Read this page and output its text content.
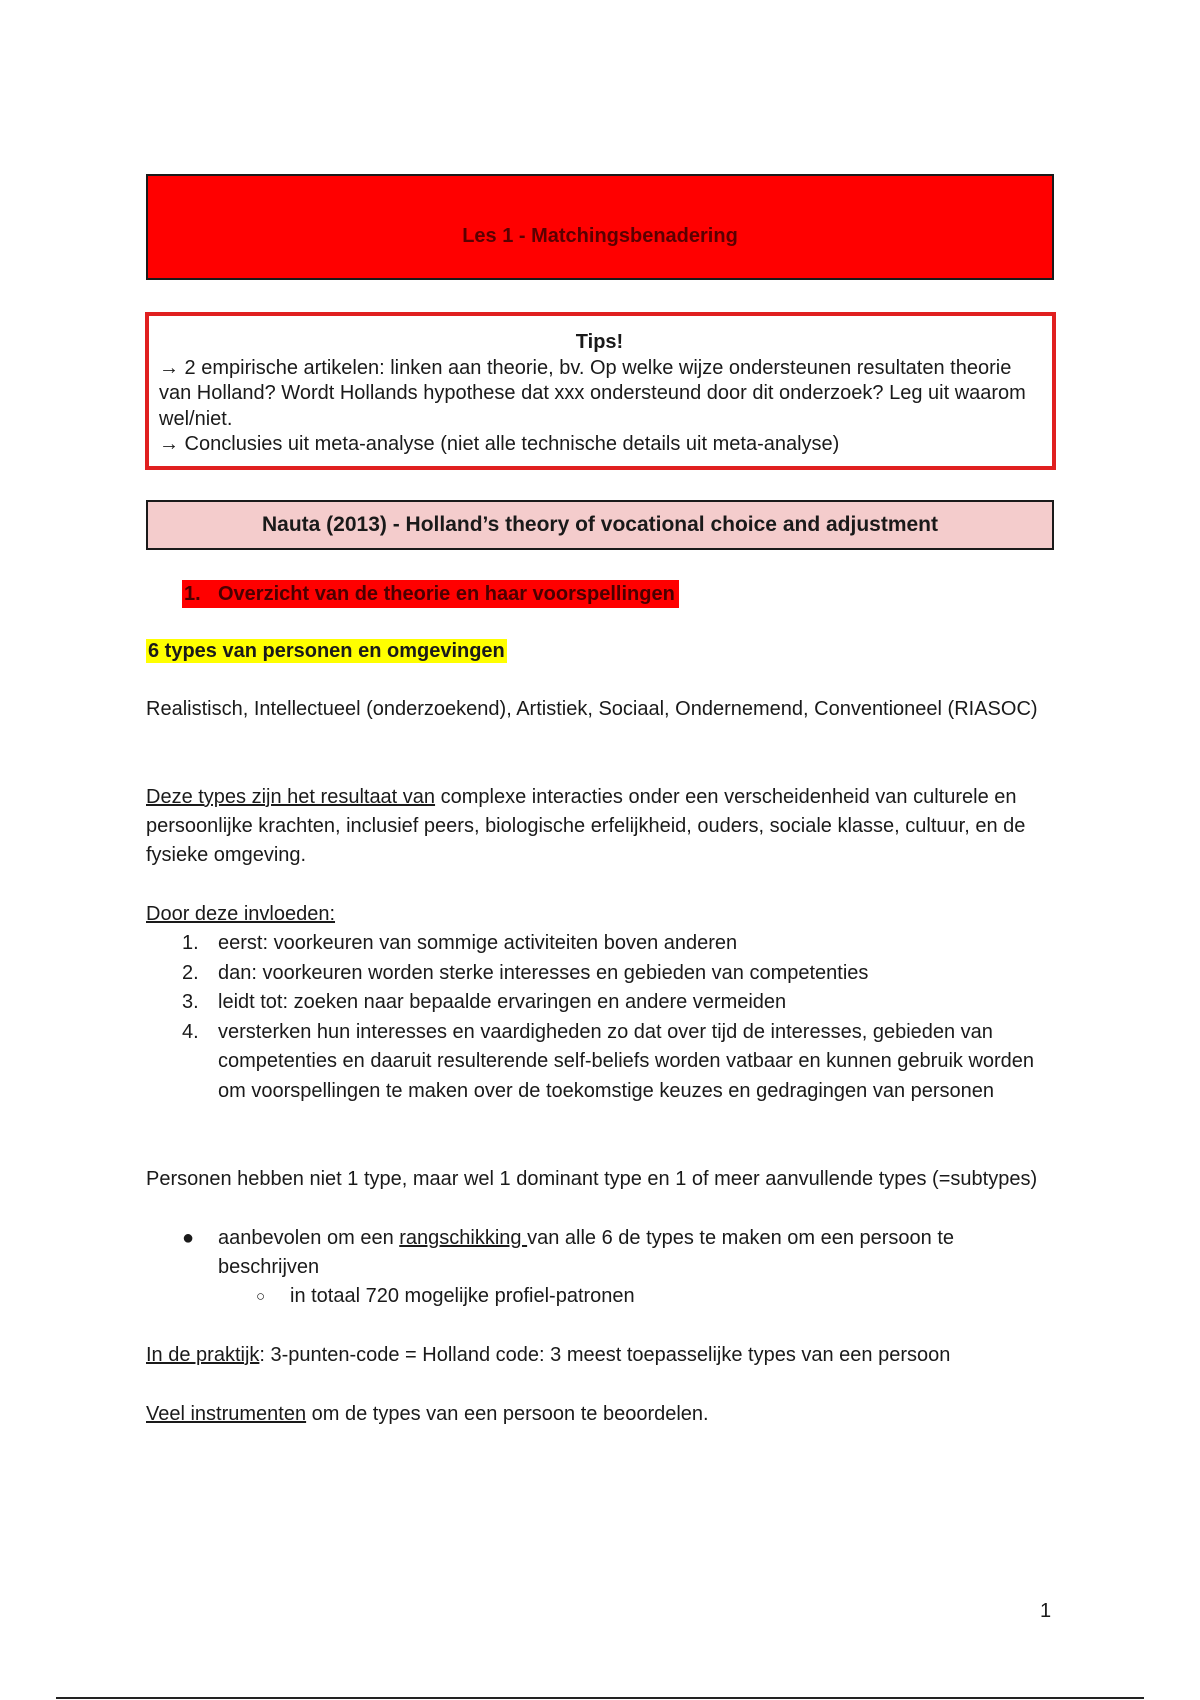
Les 1 - Matchingsbenadering
Tips!
→ 2 empirische artikelen: linken aan theorie, bv. Op welke wijze ondersteunen resultaten theorie van Holland? Wordt Hollands hypothese dat xxx ondersteund door dit onderzoek? Leg uit waarom wel/niet.
→ Conclusies uit meta-analyse (niet alle technische details uit meta-analyse)
Nauta (2013) - Holland’s theory of vocational choice and adjustment
1. Overzicht van de theorie en haar voorspellingen
6 types van personen en omgevingen
Realistisch, Intellectueel (onderzoekend), Artistiek, Sociaal, Ondernemend, Conventioneel (RIASOC)
Deze types zijn het resultaat van complexe interacties onder een verscheidenheid van culturele en persoonlijke krachten, inclusief peers, biologische erfelijkheid, ouders, sociale klasse, cultuur, en de fysieke omgeving.
Door deze invloeden:
1. eerst: voorkeuren van sommige activiteiten boven anderen
2. dan: voorkeuren worden sterke interesses en gebieden van competenties
3. leidt tot: zoeken naar bepaalde ervaringen en andere vermeiden
4. versterken hun interesses en vaardigheden zo dat over tijd de interesses, gebieden van competenties en daaruit resulterende self-beliefs worden vatbaar en kunnen gebruik worden om voorspellingen te maken over de toekomstige keuzes en gedragingen van personen
Personen hebben niet 1 type, maar wel 1 dominant type en 1 of meer aanvullende types (=subtypes)
● aanbevolen om een rangschikking van alle 6 de types te maken om een persoon te beschrijven
○ in totaal 720 mogelijke profiel-patronen
In de praktijk: 3-punten-code = Holland code: 3 meest toepasselijke types van een persoon
Veel instrumenten om de types van een persoon te beoordelen.
1
